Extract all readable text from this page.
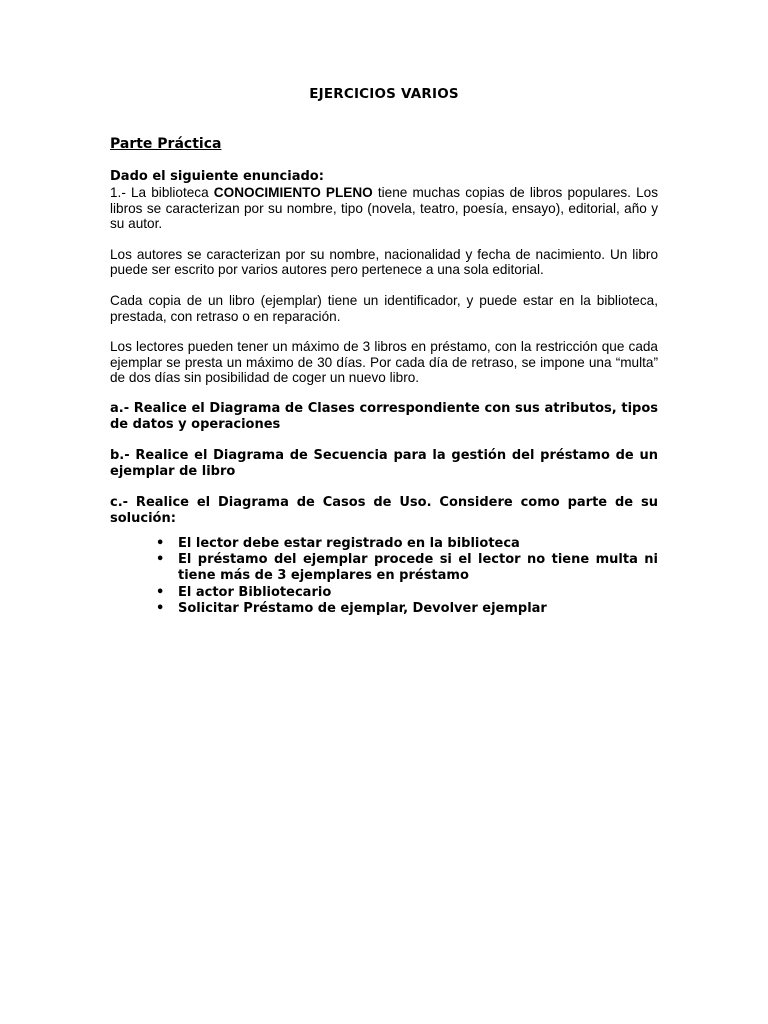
EJERCICIOS VARIOS
Parte Práctica
Dado el siguiente enunciado:

1.- La biblioteca CONOCIMIENTO PLENO tiene muchas copias de libros populares. Los libros se caracterizan por su nombre, tipo (novela, teatro, poesía, ensayo), editorial, año y su autor.

Los autores se caracterizan por su nombre, nacionalidad y fecha de nacimiento. Un libro puede ser escrito por varios autores pero pertenece a una sola editorial.

Cada copia de un libro (ejemplar) tiene un identificador, y puede estar en la biblioteca, prestada, con retraso o en reparación.

Los lectores pueden tener un máximo de 3 libros en préstamo, con la restricción que cada ejemplar se presta un máximo de 30 días. Por cada día de retraso, se impone una “multa” de dos días sin posibilidad de coger un nuevo libro.

a.- Realice el Diagrama de Clases correspondiente con sus atributos, tipos de datos y operaciones

b.- Realice el Diagrama de Secuencia para la gestión del préstamo de un ejemplar de libro

c.- Realice el Diagrama de Casos de Uso. Considere como parte de su solución:

• El lector debe estar registrado en la biblioteca
• El préstamo del ejemplar procede si el lector no tiene multa ni tiene más de 3 ejemplares en préstamo
• El actor Bibliotecario
• Solicitar Préstamo de ejemplar, Devolver ejemplar
